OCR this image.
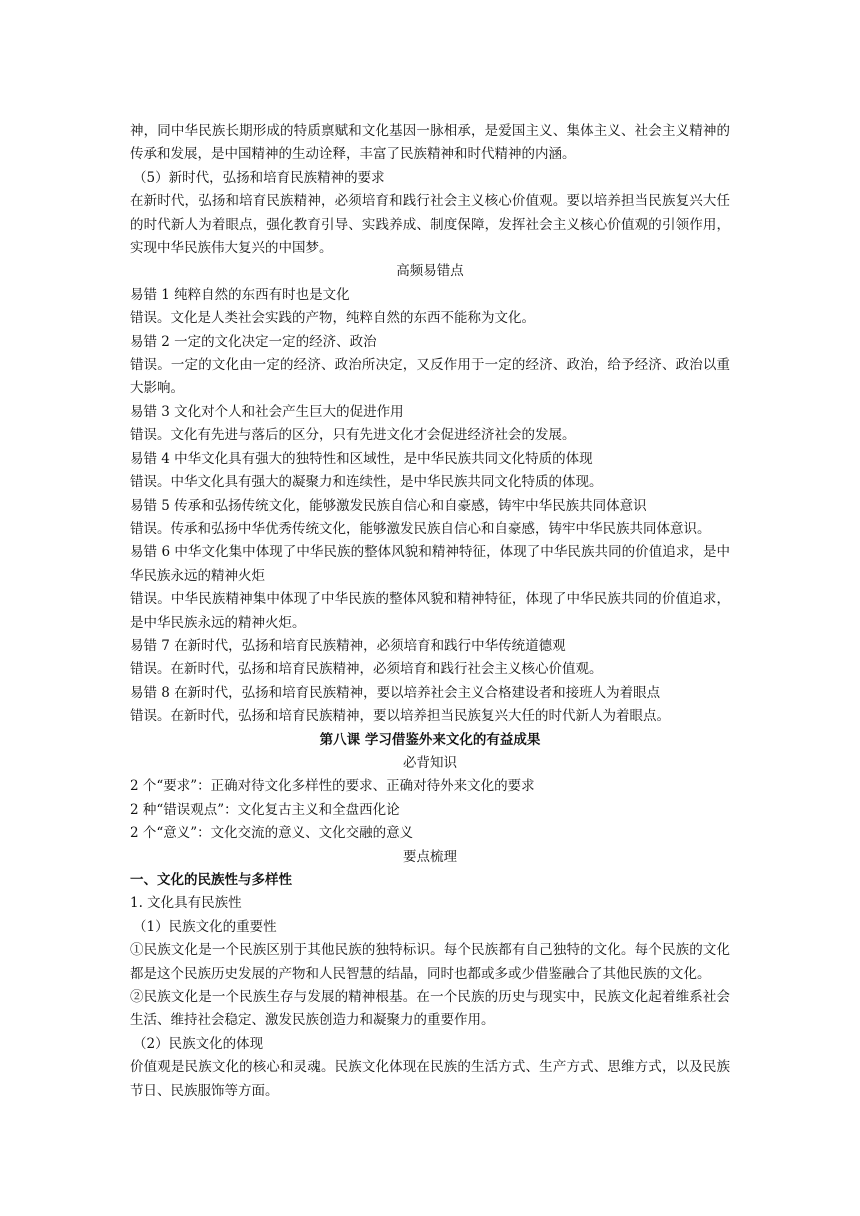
神，同中华民族长期形成的特质禀赋和文化基因一脉相承，是爱国主义、集体主义、社会主义精神的传承和发展，是中国精神的生动诠释，丰富了民族精神和时代精神的内涵。

（5）新时代，弘扬和培育民族精神的要求

在新时代，弘扬和培育民族精神，必须培育和践行社会主义核心价值观。要以培养担当民族复兴大任的时代新人为着眼点，强化教育引导、实践养成、制度保障，发挥社会主义核心价值观的引领作用，实现中华民族伟大复兴的中国梦。

高频易错点

易错 1 纯粹自然的东西有时也是文化

错误。文化是人类社会实践的产物，纯粹自然的东西不能称为文化。

易错 2 一定的文化决定一定的经济、政治

错误。一定的文化由一定的经济、政治所决定，又反作用于一定的经济、政治，给予经济、政治以重大影响。

易错 3 文化对个人和社会产生巨大的促进作用

错误。文化有先进与落后的区分，只有先进文化才会促进经济社会的发展。

易错 4 中华文化具有强大的独特性和区域性，是中华民族共同文化特质的体现

错误。中华文化具有强大的凝聚力和连续性，是中华民族共同文化特质的体现。

易错 5 传承和弘扬传统文化，能够激发民族自信心和自豪感，铸牢中华民族共同体意识

错误。传承和弘扬中华优秀传统文化，能够激发民族自信心和自豪感，铸牢中华民族共同体意识。

易错 6 中华文化集中体现了中华民族的整体风貌和精神特征，体现了中华民族共同的价值追求，是中华民族永远的精神火炬

错误。中华民族精神集中体现了中华民族的整体风貌和精神特征，体现了中华民族共同的价值追求，是中华民族永远的精神火炬。

易错 7 在新时代，弘扬和培育民族精神，必须培育和践行中华传统道德观

错误。在新时代，弘扬和培育民族精神，必须培育和践行社会主义核心价值观。

易错 8 在新时代，弘扬和培育民族精神，要以培养社会主义合格建设者和接班人为着眼点

错误。在新时代，弘扬和培育民族精神，要以培养担当民族复兴大任的时代新人为着眼点。

第八课 学习借鉴外来文化的有益成果

必背知识

2 个“要求”：正确对待文化多样性的要求、正确对待外来文化的要求

2 种“错误观点”：文化复古主义和全盘西化论

2 个“意义”：文化交流的意义、文化交融的意义

要点梳理

一、文化的民族性与多样性

1. 文化具有民族性

（1）民族文化的重要性

①民族文化是一个民族区别于其他民族的独特标识。每个民族都有自己独特的文化。每个民族的文化都是这个民族历史发展的产物和人民智慧的结晶，同时也都或多或少借鉴融合了其他民族的文化。

②民族文化是一个民族生存与发展的精神根基。在一个民族的历史与现实中，民族文化起着维系社会生活、维持社会稳定、激发民族创造力和凝聚力的重要作用。

（2）民族文化的体现

价值观是民族文化的核心和灵魂。民族文化体现在民族的生活方式、生产方式、思维方式，以及民族节日、民族服饰等方面。
